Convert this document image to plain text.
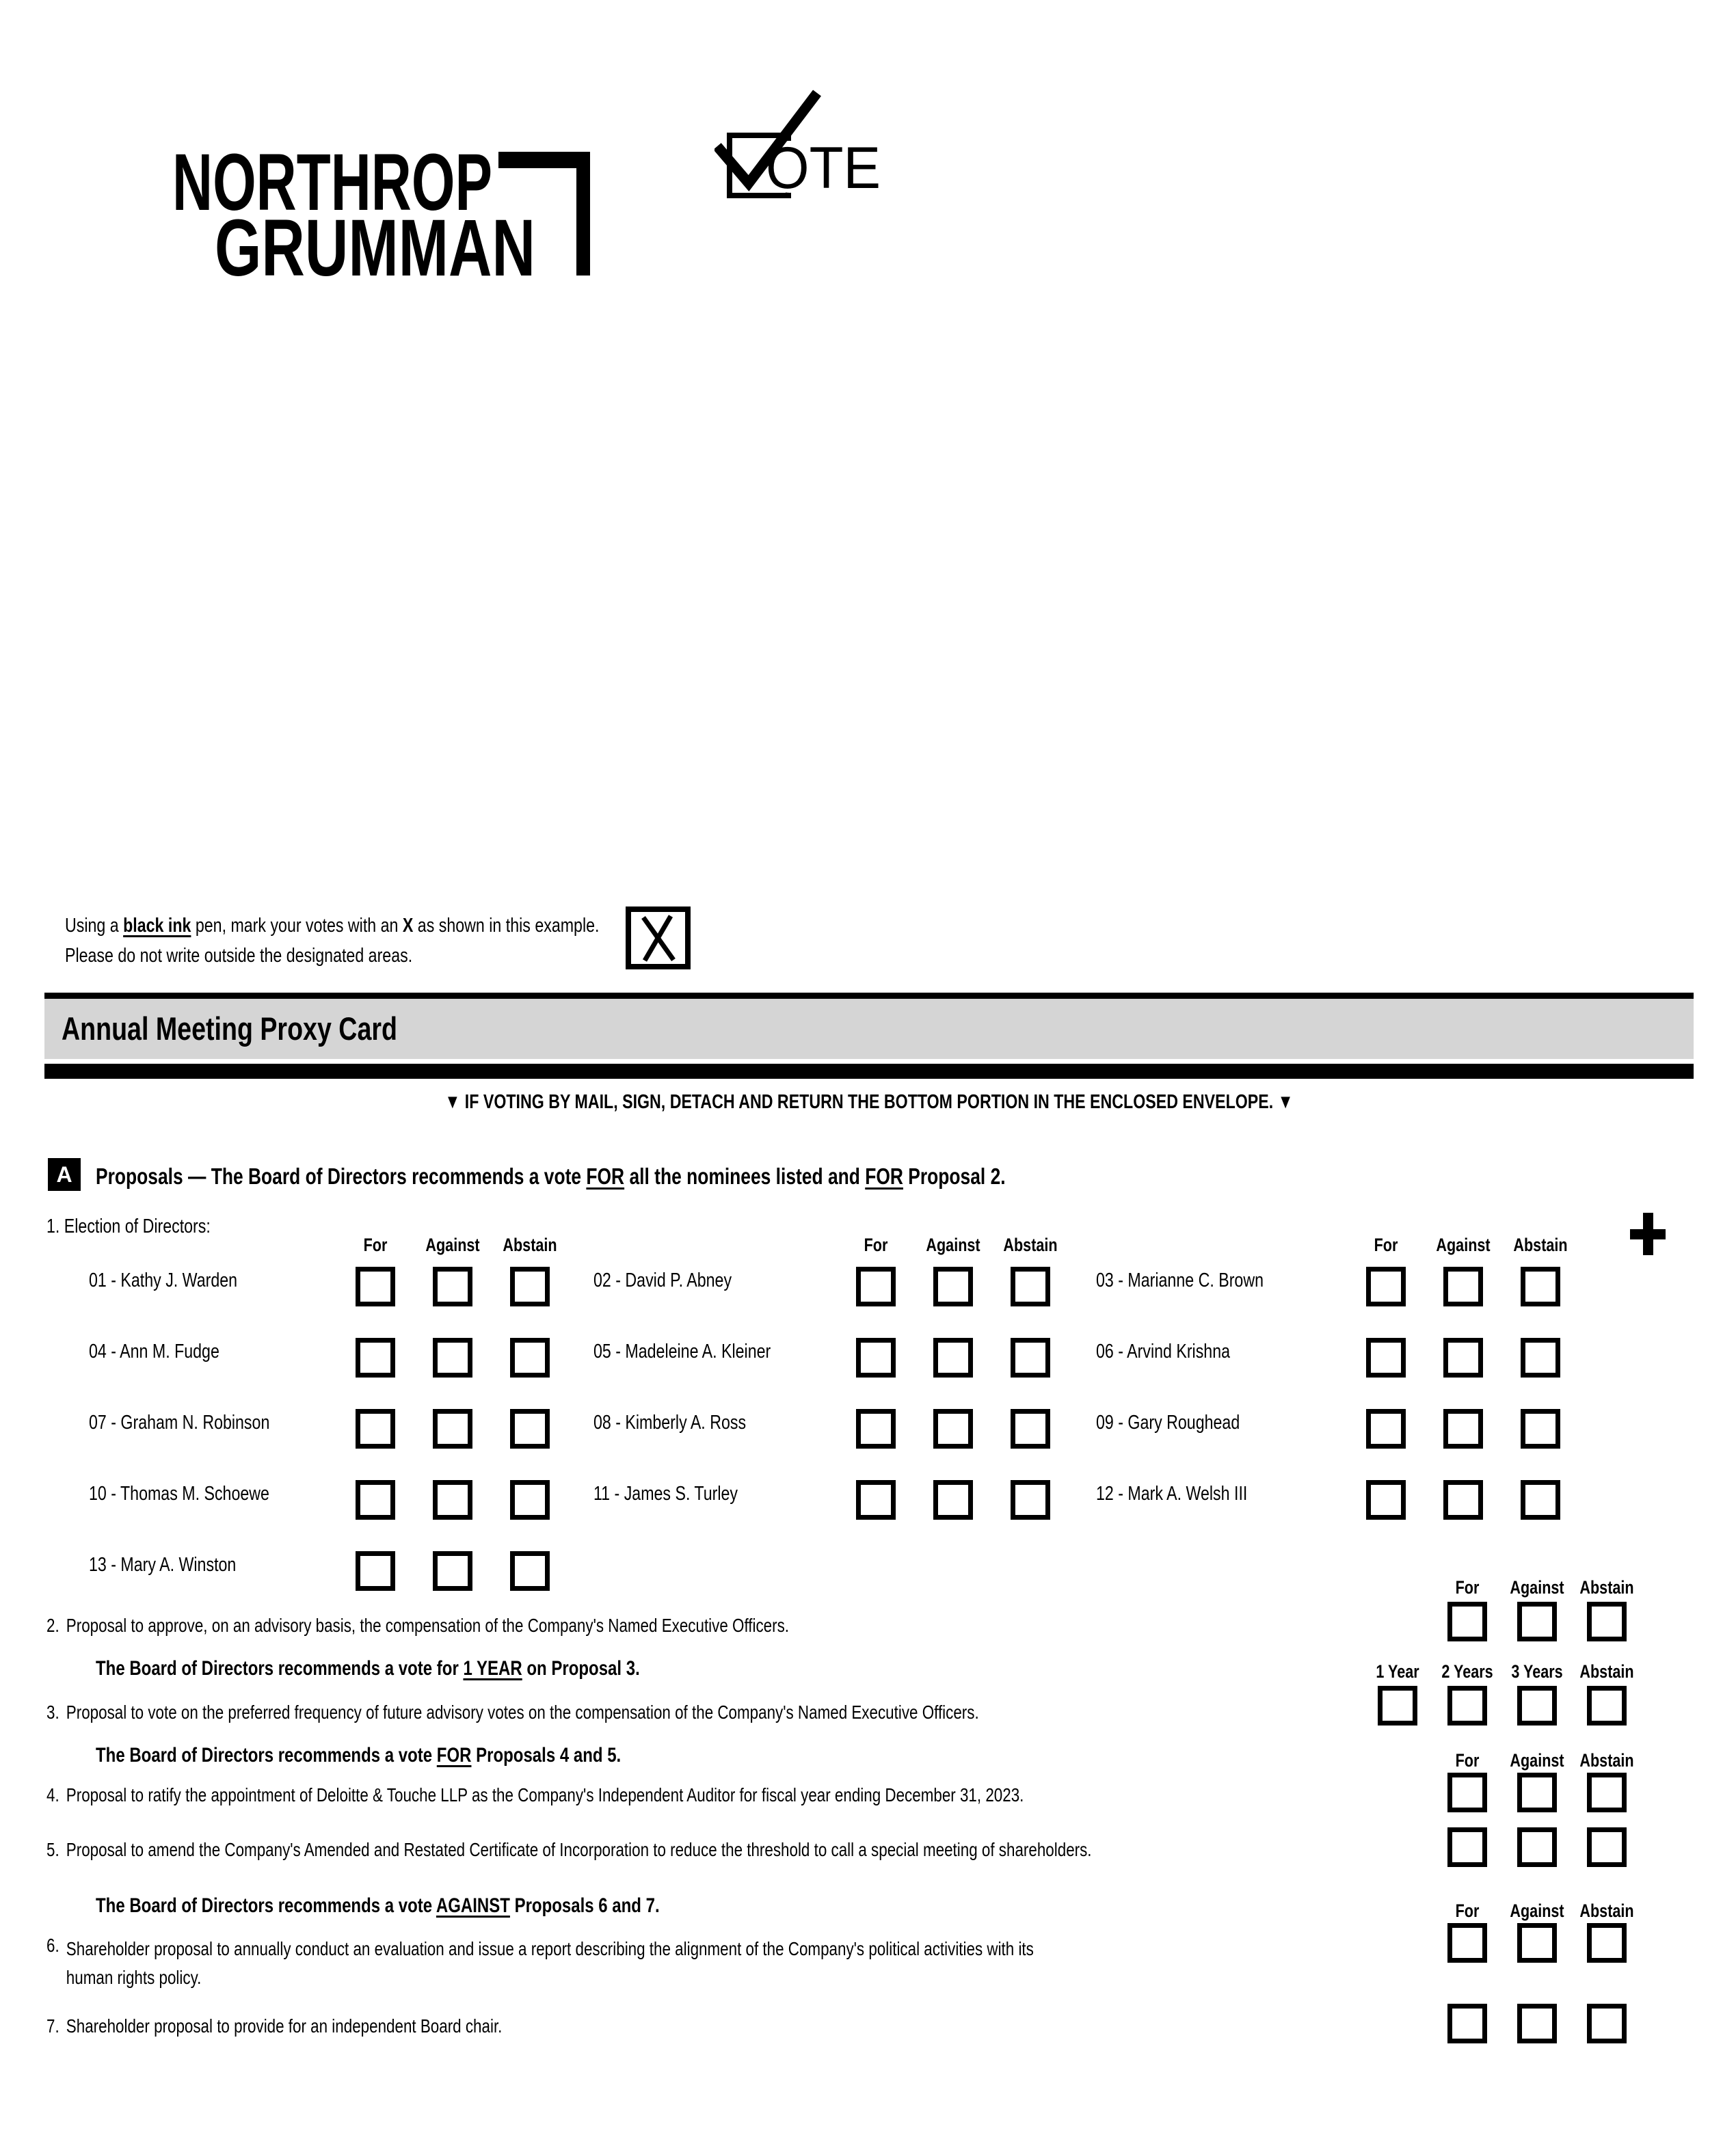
NORTHROP
GRUMMAN
OTE
Using a black ink pen, mark your votes with an X as shown in this example.
Please do not write outside the designated areas.
Annual Meeting Proxy Card
▼ IF VOTING BY MAIL, SIGN, DETACH AND RETURN THE BOTTOM PORTION IN THE ENCLOSED ENVELOPE. ▼
A	Proposals — The Board of Directors recommends a vote FOR all the nominees listed and FOR Proposal 2.
1. Election of Directors:
For Against Abstain	For Against Abstain	For Against Abstain
01 - Kathy J. Warden	02 - David P. Abney	03 - Marianne C. Brown
04 - Ann M. Fudge	05 - Madeleine A. Kleiner	06 - Arvind Krishna
07 - Graham N. Robinson	08 - Kimberly A. Ross	09 - Gary Roughead
10 - Thomas M. Schoewe	11 - James S. Turley	12 - Mark A. Welsh III
13 - Mary A. Winston
For Against Abstain
2. Proposal to approve, on an advisory basis, the compensation of the Company's Named Executive Officers.
The Board of Directors recommends a vote for 1 YEAR on Proposal 3.	1 Year 2 Years 3 Years Abstain
3. Proposal to vote on the preferred frequency of future advisory votes on the compensation of the Company's Named Executive Officers.
The Board of Directors recommends a vote FOR Proposals 4 and 5.	For Against Abstain
4. Proposal to ratify the appointment of Deloitte & Touche LLP as the Company's Independent Auditor for fiscal year ending December 31, 2023.
5. Proposal to amend the Company's Amended and Restated Certificate of Incorporation to reduce the threshold to call a special meeting of shareholders.
The Board of Directors recommends a vote AGAINST Proposals 6 and 7.	For Against Abstain
6. Shareholder proposal to annually conduct an evaluation and issue a report describing the alignment of the Company's political activities with its human rights policy.
7. Shareholder proposal to provide for an independent Board chair.
